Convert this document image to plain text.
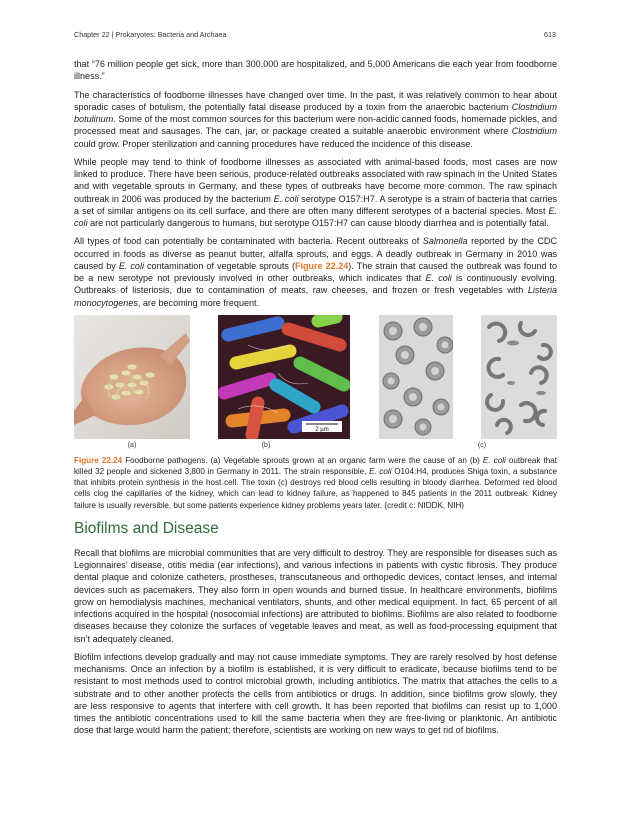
Chapter 22 | Prokaryotes: Bacteria and Archaea	613

that “76 million people get sick, more than 300,000 are hospitalized, and 5,000 Americans die each year from foodborne illness.”

The characteristics of foodborne illnesses have changed over time. In the past, it was relatively common to hear about sporadic cases of botulism, the potentially fatal disease produced by a toxin from the anaerobic bacterium Clostridium botulinum. Some of the most common sources for this bacterium were non-acidic canned foods, homemade pickles, and processed meat and sausages. The can, jar, or package created a suitable anaerobic environment where Clostridium could grow. Proper sterilization and canning procedures have reduced the incidence of this disease.

While people may tend to think of foodborne illnesses as associated with animal-based foods, most cases are now linked to produce. There have been serious, produce-related outbreaks associated with raw spinach in the United States and with vegetable sprouts in Germany, and these types of outbreaks have become more common. The raw spinach outbreak in 2006 was produced by the bacterium E. coli serotype O157:H7. A serotype is a strain of bacteria that carries a set of similar antigens on its cell surface, and there are often many different serotypes of a bacterial species. Most E. coli are not particularly dangerous to humans, but serotype O157:H7 can cause bloody diarrhea and is potentially fatal.

All types of food can potentially be contaminated with bacteria. Recent outbreaks of Salmonella reported by the CDC occurred in foods as diverse as peanut butter, alfalfa sprouts, and eggs. A deadly outbreak in Germany in 2010 was caused by E. coli contamination of vegetable sprouts (Figure 22.24). The strain that caused the outbreak was found to be a new serotype not previously involved in other outbreaks, which indicates that E. coli is continuously evolving. Outbreaks of listeriosis, due to contamination of meats, raw cheeses, and frozen or fresh vegetables with Listeria monocytogenes, are becoming more frequent.

2 µm
(a)	(b)	(c)

Figure 22.24 Foodborne pathogens. (a) Vegetable sprouts grown at an organic farm were the cause of an (b) E. coli outbreak that killed 32 people and sickened 3,800 in Germany in 2011. The strain responsible, E. coli O104:H4, produces Shiga toxin, a substance that inhibits protein synthesis in the host cell. The toxin (c) destroys red blood cells resulting in bloody diarrhea. Deformed red blood cells clog the capillaries of the kidney, which can lead to kidney failure, as happened to 845 patients in the 2011 outbreak. Kidney failure is usually reversible, but some patients experience kidney problems years later. (credit c: NIDDK, NIH)

Biofilms and Disease

Recall that biofilms are microbial communities that are very difficult to destroy. They are responsible for diseases such as Legionnaires’ disease, otitis media (ear infections), and various infections in patients with cystic fibrosis. They produce dental plaque and colonize catheters, prostheses, transcutaneous and orthopedic devices, contact lenses, and internal devices such as pacemakers. They also form in open wounds and burned tissue. In healthcare environments, biofilms grow on hemodialysis machines, mechanical ventilators, shunts, and other medical equipment. In fact, 65 percent of all infections acquired in the hospital (nosocomial infections) are attributed to biofilms. Biofilms are also related to foodborne diseases because they colonize the surfaces of vegetable leaves and meat, as well as food-processing equipment that isn’t adequately cleaned.

Biofilm infections develop gradually and may not cause immediate symptoms. They are rarely resolved by host defense mechanisms. Once an infection by a biofilm is established, it is very difficult to eradicate, because biofilms tend to be resistant to most methods used to control microbial growth, including antibiotics. The matrix that attaches the cells to a substrate and to other another protects the cells from antibiotics or drugs. In addition, since biofilms grow slowly, they are less responsive to agents that interfere with cell growth. It has been reported that biofilms can resist up to 1,000 times the antibiotic concentrations used to kill the same bacteria when they are free-living or planktonic. An antibiotic dose that large would harm the patient; therefore, scientists are working on new ways to get rid of biofilms.
